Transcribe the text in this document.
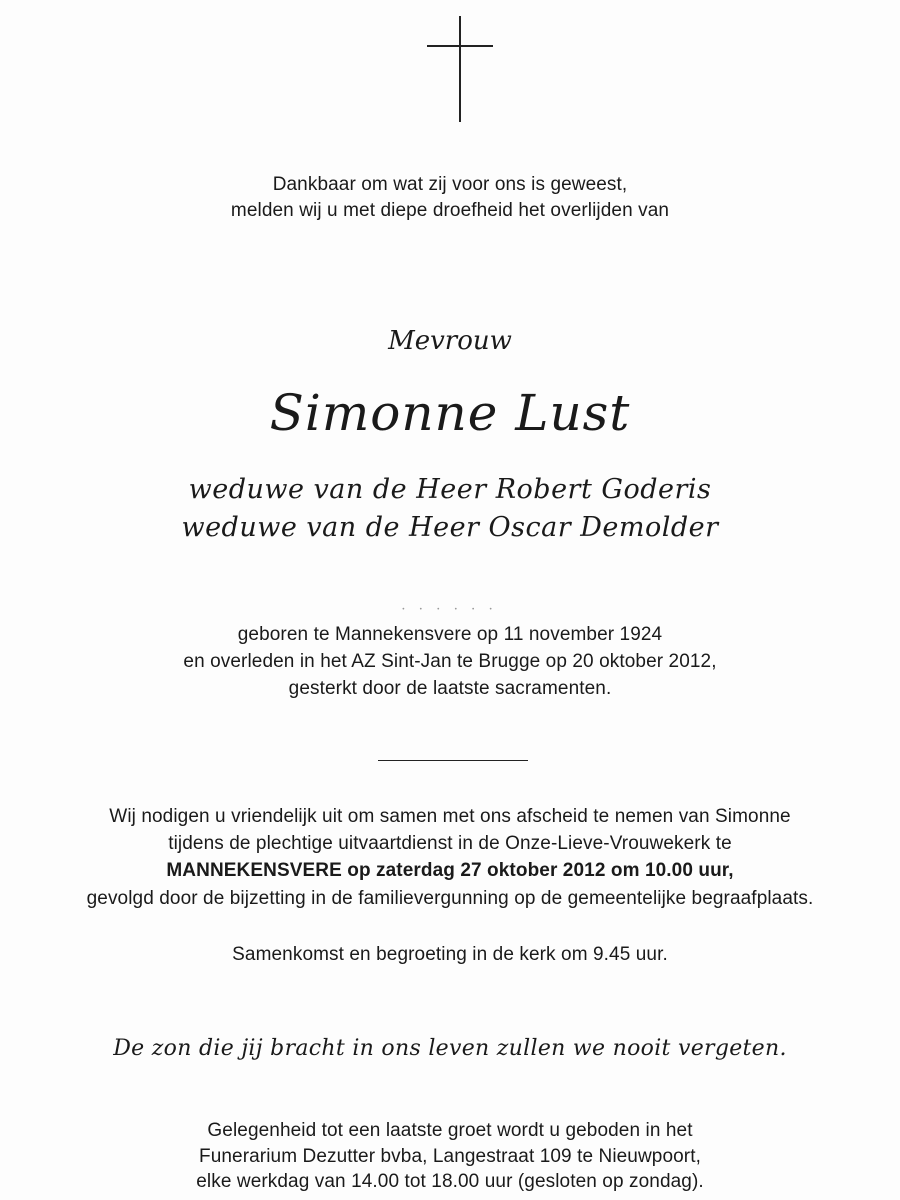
Dankbaar om wat zij voor ons is geweest,
melden wij u met diepe droefheid het overlijden van
Mevrouw
Simonne Lust
weduwe van de Heer Robert Goderis
weduwe van de Heer Oscar Demolder
• • • • • •
geboren te Mannekensvere op 11 november 1924
en overleden in het AZ Sint-Jan te Brugge op 20 oktober 2012,
gesterkt door de laatste sacramenten.
Wij nodigen u vriendelijk uit om samen met ons afscheid te nemen van Simonne
tijdens de plechtige uitvaartdienst in de Onze-Lieve-Vrouwekerk te
MANNEKENSVERE op zaterdag 27 oktober 2012 om 10.00 uur,
gevolgd door de bijzetting in de familievergunning op de gemeentelijke begraafplaats.
Samenkomst en begroeting in de kerk om 9.45 uur.
De zon die jij bracht in ons leven zullen we nooit vergeten.
Gelegenheid tot een laatste groet wordt u geboden in het
Funerarium Dezutter bvba, Langestraat 109 te Nieuwpoort,
elke werkdag van 14.00 tot 18.00 uur (gesloten op zondag).
